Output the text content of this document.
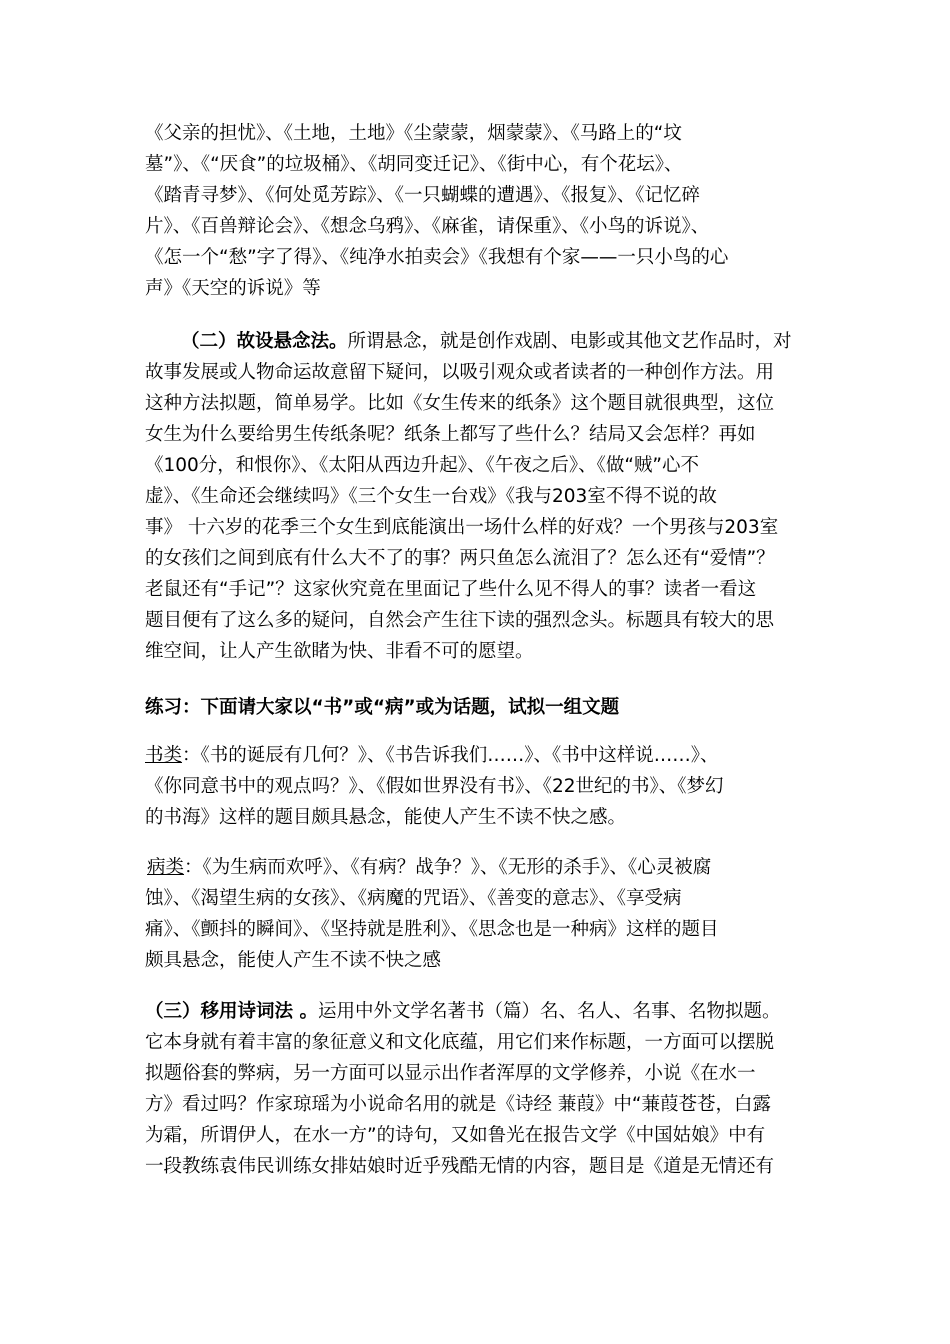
《父亲的担忧》、《土地，土地》《尘蒙蒙，烟蒙蒙》、《马路上的“坟
墓”》、《“厌食”的垃圾桶》、《胡同变迁记》、《街中心，有个花坛》、
《踏青寻梦》、《何处觅芳踪》、《一只蝴蝶的遭遇》、《报复》、《记忆碎
片》、《百兽辩论会》、《想念乌鸦》、《麻雀，请保重》、《小鸟的诉说》、
《怎一个“愁”字了得》、《纯净水拍卖会》《我想有个家——一只小鸟的心
声》《天空的诉说》等
（二）故设悬念法。所谓悬念，就是创作戏剧、电影或其他文艺作品时，对
故事发展或人物命运故意留下疑问，以吸引观众或者读者的一种创作方法。用
这种方法拟题，简单易学。比如《女生传来的纸条》这个题目就很典型，这位
女生为什么要给男生传纸条呢？纸条上都写了些什么？结局又会怎样？再如
《100分，和恨你》、《太阳从西边升起》、《午夜之后》、《做“贼”心不
虚》、《生命还会继续吗》《三个女生一台戏》《我与203室不得不说的故
事》 十六岁的花季三个女生到底能演出一场什么样的好戏？一个男孩与203室
的女孩们之间到底有什么大不了的事？两只鱼怎么流泪了？怎么还有“爱情”？
老鼠还有“手记”？这家伙究竟在里面记了些什么见不得人的事？读者一看这
题目便有了这么多的疑问，自然会产生往下读的强烈念头。标题具有较大的思
维空间，让人产生欲睹为快、非看不可的愿望。
练习：下面请大家以“书”或“病”或为话题，试拟一组文题
书类：《书的诞辰有几何？》、《书告诉我们……》、《书中这样说……》、
《你同意书中的观点吗？》、《假如世界没有书》、《22世纪的书》、《梦幻
的书海》这样的题目颇具悬念，能使人产生不读不快之感。
病类：《为生病而欢呼》、《有病？战争？》、《无形的杀手》、《心灵被腐
蚀》、《渴望生病的女孩》、《病魔的咒语》、《善变的意志》、《享受病
痛》、《颤抖的瞬间》、《坚持就是胜利》、《思念也是一种病》这样的题目
颇具悬念，能使人产生不读不快之感
（三）移用诗词法 。运用中外文学名著书（篇）名、名人、名事、名物拟题。
它本身就有着丰富的象征意义和文化底蕴，用它们来作标题，一方面可以摆脱
拟题俗套的弊病，另一方面可以显示出作者浑厚的文学修养，小说《在水一
方》看过吗？作家琼瑶为小说命名用的就是《诗经 蒹葭》中“蒹葭苍苍，白露
为霜，所谓伊人，在水一方”的诗句，又如鲁光在报告文学《中国姑娘》中有
一段教练袁伟民训练女排姑娘时近乎残酷无情的内容，题目是《道是无情还有
